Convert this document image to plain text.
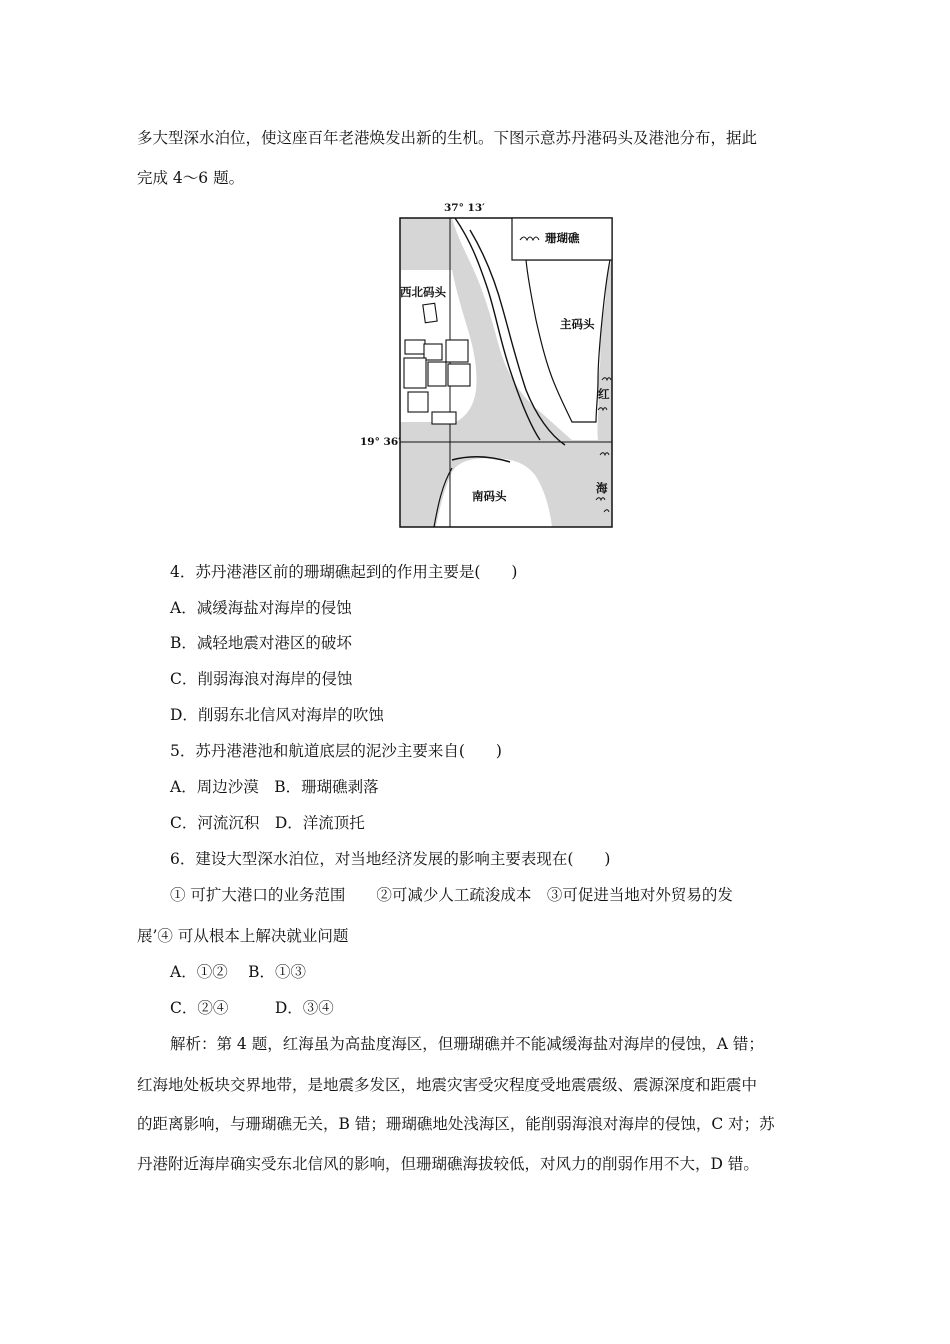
多大型深水泊位，使这座百年老港焕发出新的生机。下图示意苏丹港码头及港池分布，据此
完成 4～6 题。
37° 13′
19° 36′
珊瑚礁
西北码头
主码头
南码头
红
海
4．苏丹港港区前的珊瑚礁起到的作用主要是(　　)
A．减缓海盐对海岸的侵蚀
B．减轻地震对港区的破坏
C．削弱海浪对海岸的侵蚀
D．削弱东北信风对海岸的吹蚀
5．苏丹港港池和航道底层的泥沙主要来自(　　)
A．周边沙漠　B．珊瑚礁剥落
C．河流沉积　D．洋流顶托
6．建设大型深水泊位，对当地经济发展的影响主要表现在(　　)
① 可扩大港口的业务范围　　②可减少人工疏浚成本　③可促进当地对外贸易的发
展’④ 可从根本上解决就业问题
A．①②　 B．①③
C．②④　　　D．③④
解析：第 4 题，红海虽为高盐度海区，但珊瑚礁并不能减缓海盐对海岸的侵蚀，A 错；
红海地处板块交界地带，是地震多发区，地震灾害受灾程度受地震震级、震源深度和距震中
的距离影响，与珊瑚礁无关，B 错；珊瑚礁地处浅海区，能削弱海浪对海岸的侵蚀，C 对；苏
丹港附近海岸确实受东北信风的影响，但珊瑚礁海拔较低，对风力的削弱作用不大，D 错。
